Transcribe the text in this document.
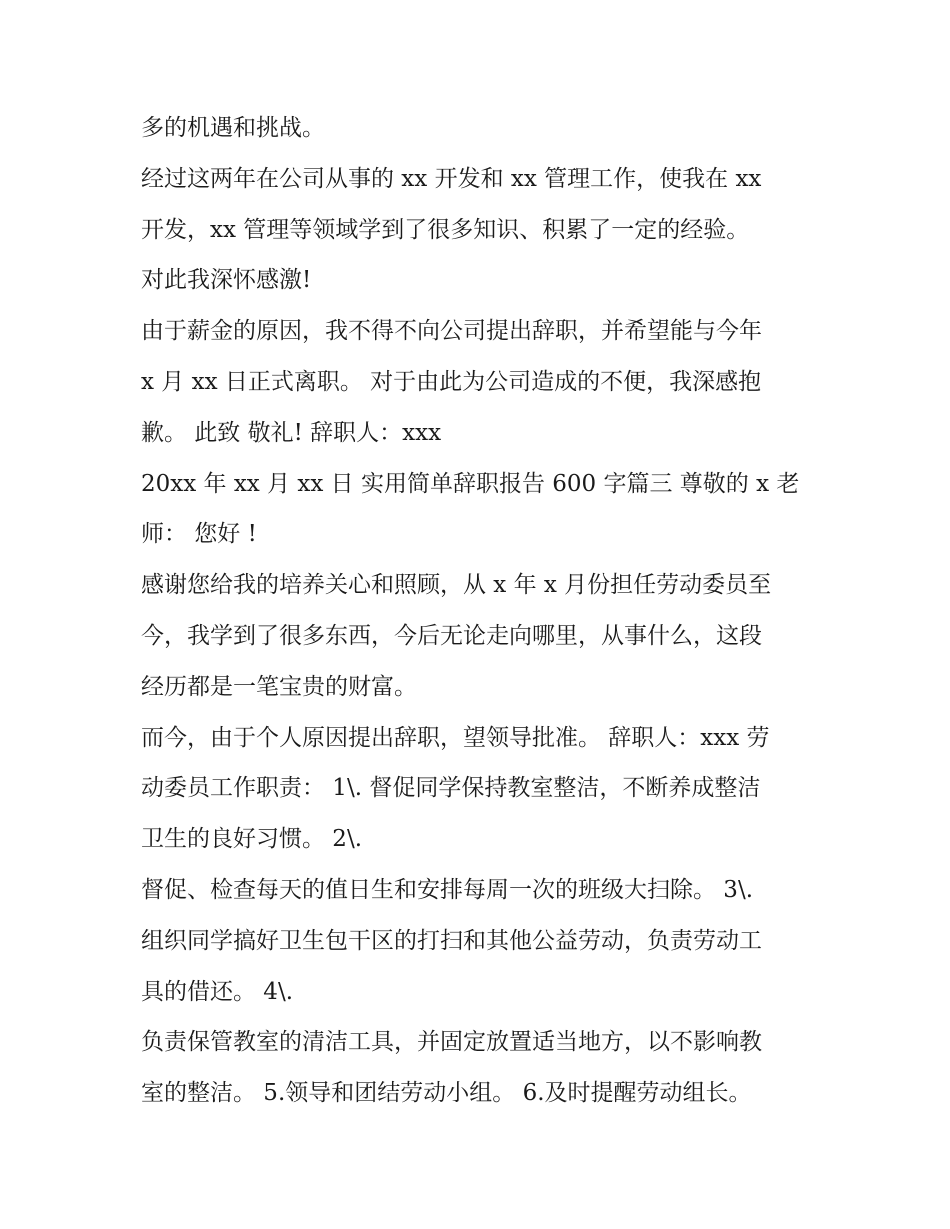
多的机遇和挑战。
经过这两年在公司从事的 xx 开发和 xx 管理工作，使我在 xx
开发，xx 管理等领域学到了很多知识、积累了一定的经验。
对此我深怀感激!
由于薪金的原因，我不得不向公司提出辞职，并希望能与今年
x 月 xx 日正式离职。 对于由此为公司造成的不便，我深感抱
歉。 此致 敬礼! 辞职人：xxx
20xx 年 xx 月 xx 日 实用简单辞职报告 600 字篇三 尊敬的 x 老
师： 您好 !
感谢您给我的培养关心和照顾，从 x 年 x 月份担任劳动委员至
今，我学到了很多东西，今后无论走向哪里，从事什么，这段
经历都是一笔宝贵的财富。
而今，由于个人原因提出辞职，望领导批准。 辞职人：xxx 劳
动委员工作职责： 1\. 督促同学保持教室整洁，不断养成整洁
卫生的良好习惯。 2\.
督促、检查每天的值日生和安排每周一次的班级大扫除。 3\.
组织同学搞好卫生包干区的打扫和其他公益劳动，负责劳动工
具的借还。 4\.
负责保管教室的清洁工具，并固定放置适当地方，以不影响教
室的整洁。 5.领导和团结劳动小组。 6.及时提醒劳动组长。
